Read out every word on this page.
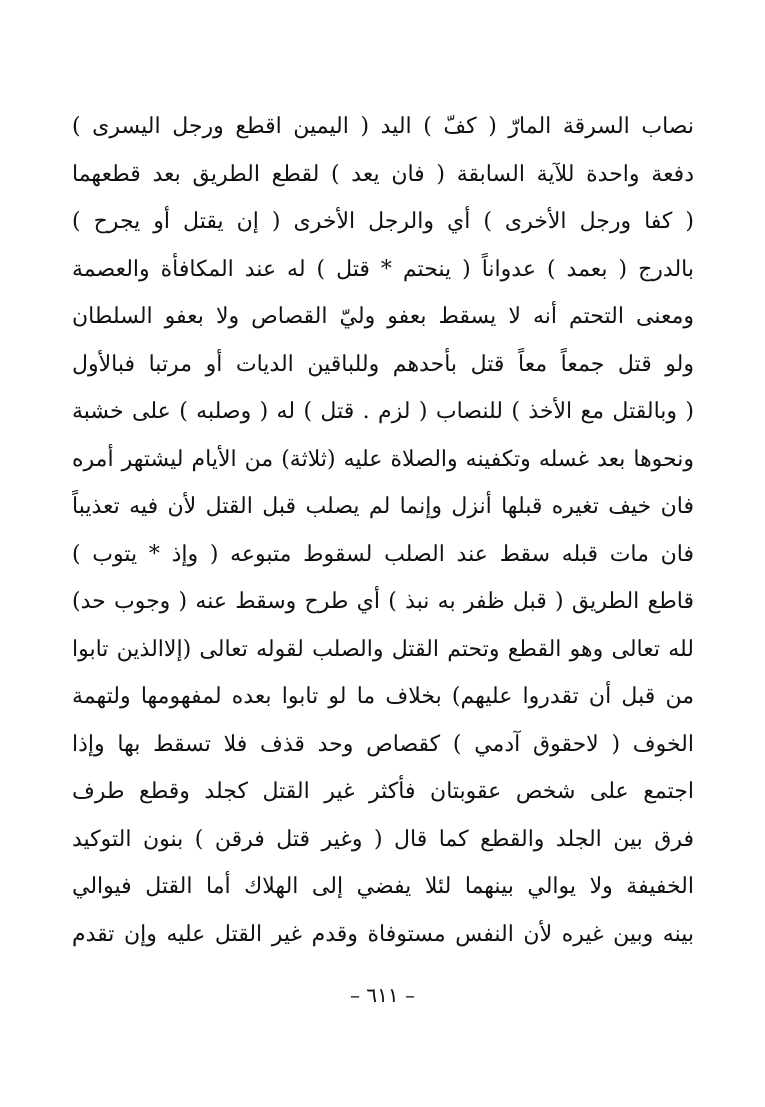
نصاب السرقة المارّ ( كفّ ) اليد ( اليمين اقطع ورجل اليسرى )
دفعة واحدة للآية السابقة ( فان يعد ) لقطع الطريق بعد قطعهما
( كفا ورجل الأخرى ) أي والرجل الأخرى ( إن يقتل أو يجرح )
بالدرج ( بعمد ) عدواناً ( ينحتم * قتل ) له عند المكافأة والعصمة
ومعنى التحتم أنه لا يسقط بعفو وليّ القصاص ولا بعفو السلطان
ولو قتل جمعاً معاً قتل بأحدهم وللباقين الديات أو مرتبا فبالأول
( وبالقتل مع الأخذ ) للنصاب ( لزم . قتل ) له ( وصلبه ) على خشبة
ونحوها بعد غسله وتكفينه والصلاة عليه (ثلاثة) من الأيام ليشتهر أمره
فان خيف تغيره قبلها أنزل وإنما لم يصلب قبل القتل لأن فيه تعذيباً
فان مات قبله سقط عند الصلب لسقوط متبوعه ( وإذ * يتوب )
قاطع الطريق ( قبل ظفر به نبذ ) أي طرح وسقط عنه ( وجوب حد)
لله تعالى وهو القطع وتحتم القتل والصلب لقوله تعالى (إلاالذين تابوا
من قبل أن تقدروا عليهم) بخلاف ما لو تابوا بعده لمفهومها ولتهمة
الخوف ( لاحقوق آدمي ) كقصاص وحد قذف فلا تسقط بها وإذا
اجتمع على شخص عقوبتان فأكثر غير القتل كجلد وقطع طرف
فرق بين الجلد والقطع كما قال ( وغير قتل فرقن ) بنون التوكيد
الخفيفة ولا يوالي بينهما لئلا يفضي إلى الهلاك أما القتل فيوالي
بينه وبين غيره لأن النفس مستوفاة وقدم غير القتل عليه وإن تقدم
– ٦١١ –
